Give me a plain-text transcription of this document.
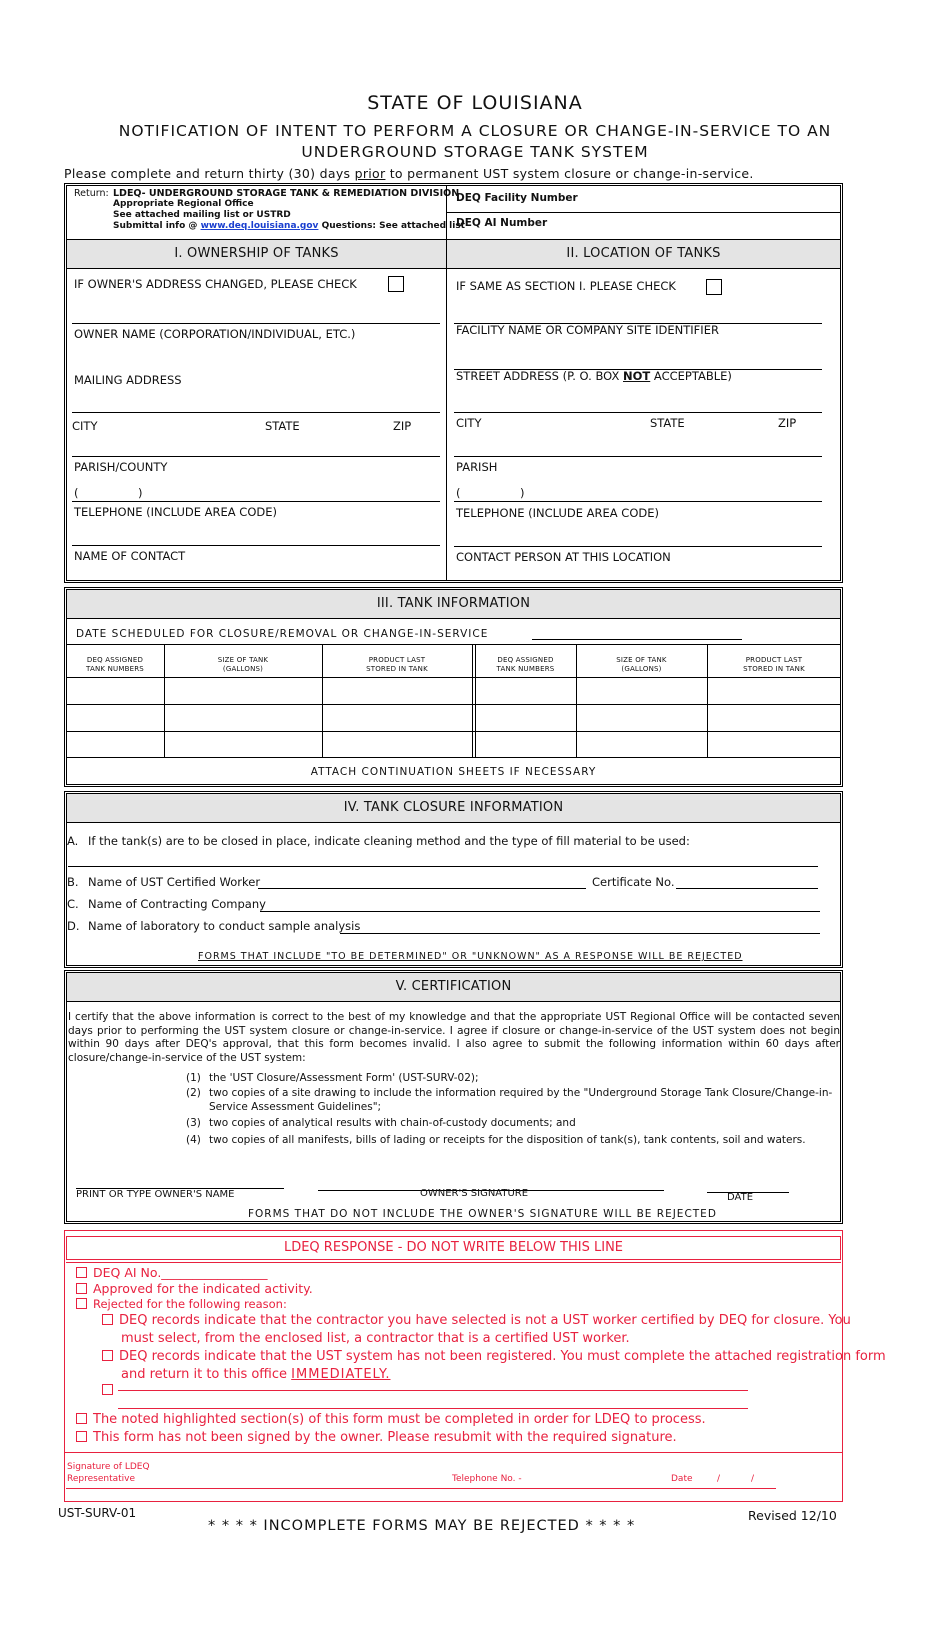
STATE OF LOUISIANA
NOTIFICATION OF INTENT TO PERFORM A CLOSURE OR CHANGE-IN-SERVICE TO AN
UNDERGROUND STORAGE TANK SYSTEM
Please complete and return thirty (30) days prior to permanent UST system closure or change-in-service.
Return: LDEQ- UNDERGROUND STORAGE TANK & REMEDIATION DIVISION
Appropriate Regional Office
See attached mailing list or USTRD
Submittal info @ www.deq.louisiana.gov Questions: See attached list
DEQ Facility Number
DEQ AI Number
I. OWNERSHIP OF TANKS	II. LOCATION OF TANKS
IF OWNER'S ADDRESS CHANGED, PLEASE CHECK
OWNER NAME (CORPORATION/INDIVIDUAL, ETC.)
MAILING ADDRESS
CITY	STATE	ZIP
PARISH/COUNTY
(	)
TELEPHONE (INCLUDE AREA CODE)
NAME OF CONTACT
IF SAME AS SECTION I. PLEASE CHECK
FACILITY NAME OR COMPANY SITE IDENTIFIER
STREET ADDRESS (P. O. BOX NOT ACCEPTABLE)
CITY	STATE	ZIP
PARISH
(	)
TELEPHONE (INCLUDE AREA CODE)
CONTACT PERSON AT THIS LOCATION
III. TANK INFORMATION
DATE SCHEDULED FOR CLOSURE/REMOVAL OR CHANGE-IN-SERVICE
DEQ ASSIGNED
TANK NUMBERS
SIZE OF TANK
(GALLONS)
PRODUCT LAST
STORED IN TANK
DEQ ASSIGNED
TANK NUMBERS
SIZE OF TANK
(GALLONS)
PRODUCT LAST
STORED IN TANK
ATTACH CONTINUATION SHEETS IF NECESSARY
IV. TANK CLOSURE INFORMATION
A. If the tank(s) are to be closed in place, indicate cleaning method and the type of fill material to be used:
B. Name of UST Certified Worker	Certificate No.
C. Name of Contracting Company
D. Name of laboratory to conduct sample analysis
FORMS THAT INCLUDE "TO BE DETERMINED" OR "UNKNOWN" AS A RESPONSE WILL BE REJECTED
V. CERTIFICATION
I certify that the above information is correct to the best of my knowledge and that the appropriate UST Regional Office will be contacted seven days prior to performing the UST system closure or change-in-service. I agree if closure or change-in-service of the UST system does not begin within 90 days after DEQ's approval, that this form becomes invalid. I also agree to submit the following information within 60 days after closure/change-in-service of the UST system:
(1) the 'UST Closure/Assessment Form' (UST-SURV-02);
(2) two copies of a site drawing to include the information required by the "Underground Storage Tank Closure/Change-in-
Service Assessment Guidelines";
(3) two copies of analytical results with chain-of-custody documents; and
(4) two copies of all manifests, bills of lading or receipts for the disposition of tank(s), tank contents, soil and waters.
PRINT OR TYPE OWNER'S NAME	OWNER'S SIGNATURE	DATE
FORMS THAT DO NOT INCLUDE THE OWNER'S SIGNATURE WILL BE REJECTED
LDEQ RESPONSE - DO NOT WRITE BELOW THIS LINE
DEQ AI No._________________
Approved for the indicated activity.
Rejected for the following reason:
DEQ records indicate that the contractor you have selected is not a UST worker certified by DEQ for closure. You
must select, from the enclosed list, a contractor that is a certified UST worker.
DEQ records indicate that the UST system has not been registered. You must complete the attached registration form
and return it to this office IMMEDIATELY.
The noted highlighted section(s) of this form must be completed in order for LDEQ to process.
This form has not been signed by the owner. Please resubmit with the required signature.
Signature of LDEQ
Representative	Telephone No. -	Date	/	/
UST-SURV-01
* * * * INCOMPLETE FORMS MAY BE REJECTED * * * *
Revised 12/10
